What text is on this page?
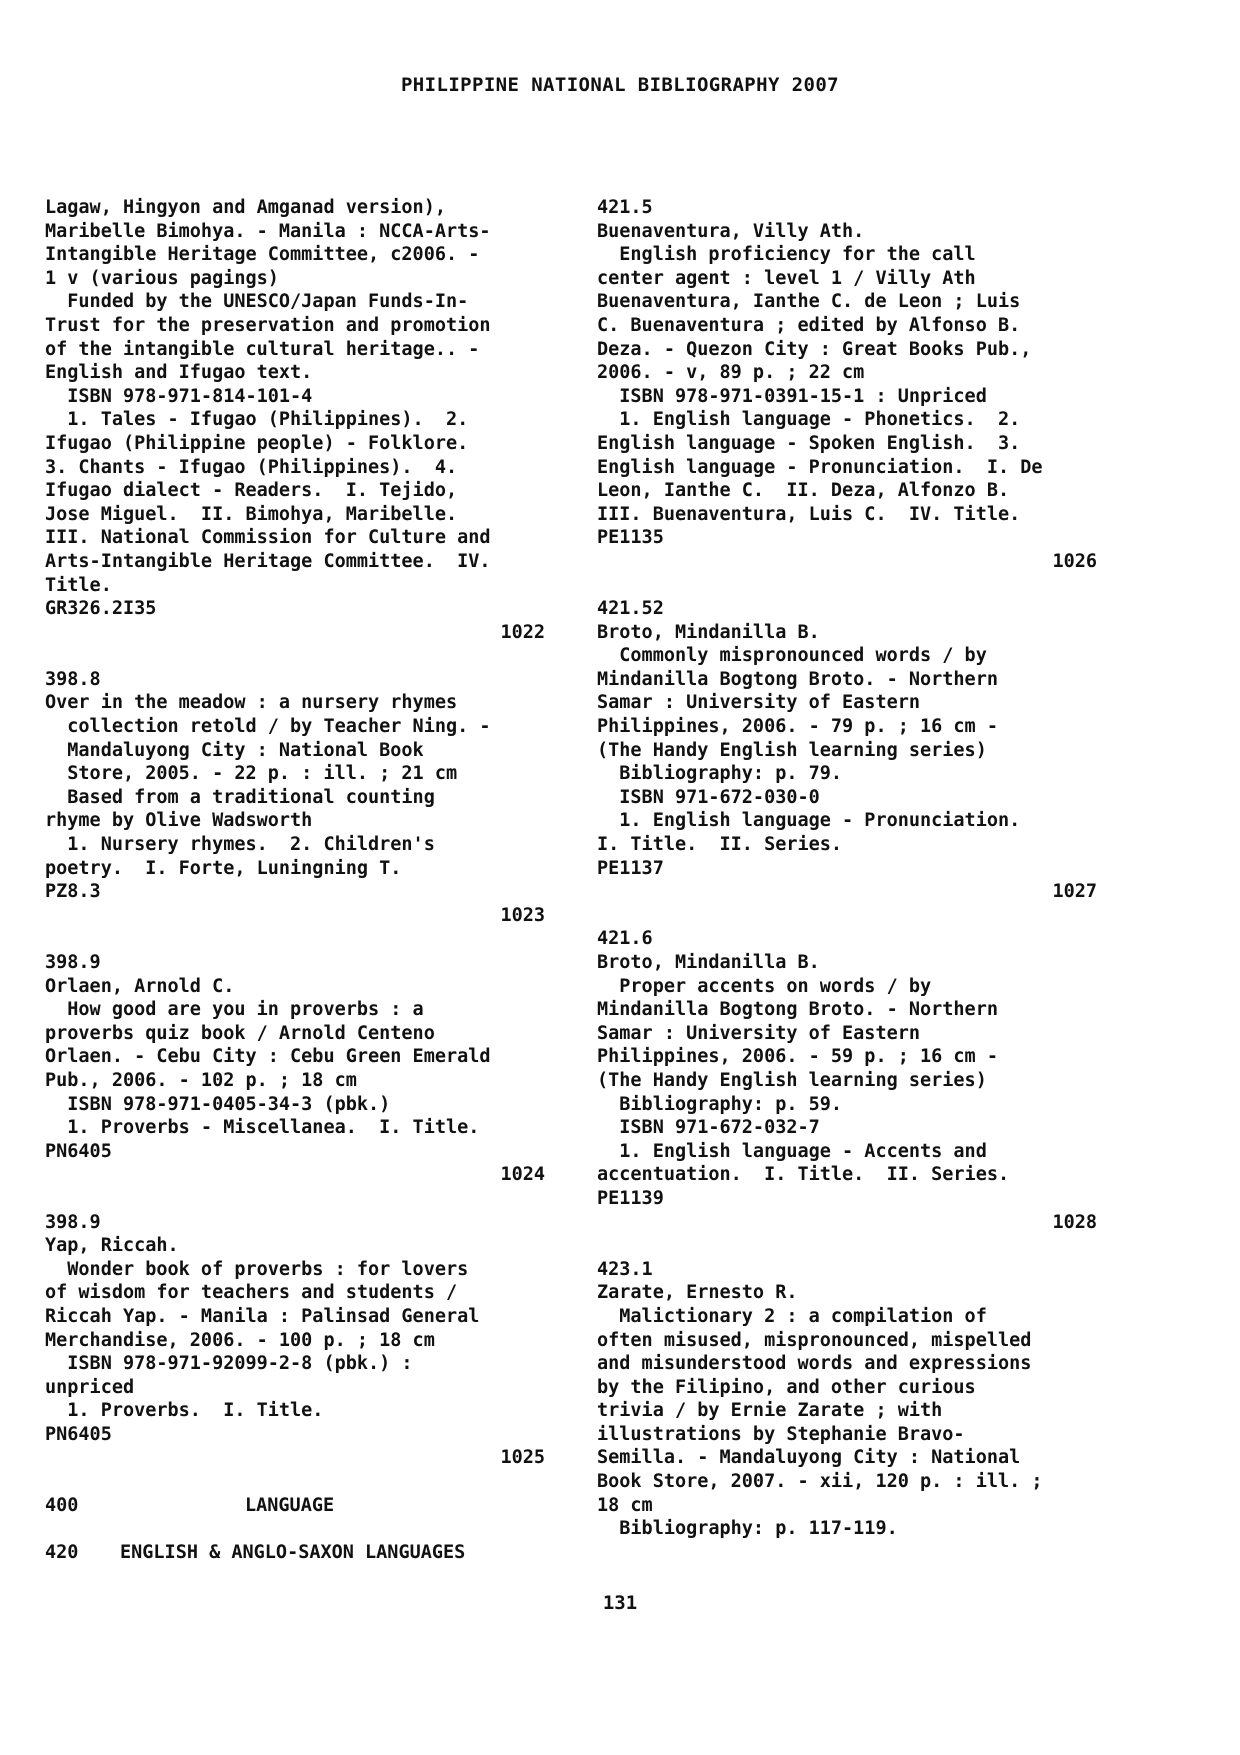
PHILIPPINE NATIONAL BIBLIOGRAPHY 2007
Lagaw, Hingyon and Amganad version),
Maribelle Bimohya. - Manila : NCCA-Arts-
Intangible Heritage Committee, c2006. -
1 v (various pagings)
Funded by the UNESCO/Japan Funds-In-
Trust for the preservation and promotion
of the intangible cultural heritage.. -
English and Ifugao text.
ISBN 978-971-814-101-4
1. Tales - Ifugao (Philippines).  2.
Ifugao (Philippine people) - Folklore.
3. Chants - Ifugao (Philippines).  4.
Ifugao dialect - Readers.  I. Tejido,
Jose Miguel.  II. Bimohya, Maribelle.
III. National Commission for Culture and
Arts-Intangible Heritage Committee.  IV.
Title.
GR326.2I35
1022
398.8
Over in the meadow : a nursery rhymes
collection retold / by Teacher Ning. -
Mandaluyong City : National Book
Store, 2005. - 22 p. : ill. ; 21 cm
Based from a traditional counting
rhyme by Olive Wadsworth
1. Nursery rhymes.  2. Children's
poetry.  I. Forte, Luningning T.
PZ8.3
1023
398.9
Orlaen, Arnold C.
How good are you in proverbs : a
proverbs quiz book / Arnold Centeno
Orlaen. - Cebu City : Cebu Green Emerald
Pub., 2006. - 102 p. ; 18 cm
ISBN 978-971-0405-34-3 (pbk.)
1. Proverbs - Miscellanea.  I. Title.
PN6405
1024
398.9
Yap, Riccah.
Wonder book of proverbs : for lovers
of wisdom for teachers and students /
Riccah Yap. - Manila : Palinsad General
Merchandise, 2006. - 100 p. ; 18 cm
ISBN 978-971-92099-2-8 (pbk.) :
unpriced
1. Proverbs.  I. Title.
PN6405
1025
400	LANGUAGE
420 ENGLISH & ANGLO-SAXON LANGUAGES
421.5
Buenaventura, Villy Ath.
English proficiency for the call
center agent : level 1 / Villy Ath
Buenaventura, Ianthe C. de Leon ; Luis
C. Buenaventura ; edited by Alfonso B.
Deza. - Quezon City : Great Books Pub.,
2006. - v, 89 p. ; 22 cm
ISBN 978-971-0391-15-1 : Unpriced
1. English language - Phonetics.  2.
English language - Spoken English.  3.
English language - Pronunciation.  I. De
Leon, Ianthe C.  II. Deza, Alfonzo B.
III. Buenaventura, Luis C.  IV. Title.
PE1135
1026
421.52
Broto, Mindanilla B.
Commonly mispronounced words / by
Mindanilla Bogtong Broto. - Northern
Samar : University of Eastern
Philippines, 2006. - 79 p. ; 16 cm -
(The Handy English learning series)
Bibliography: p. 79.
ISBN 971-672-030-0
1. English language - Pronunciation.
I. Title.  II. Series.
PE1137
1027
421.6
Broto, Mindanilla B.
Proper accents on words / by
Mindanilla Bogtong Broto. - Northern
Samar : University of Eastern
Philippines, 2006. - 59 p. ; 16 cm -
(The Handy English learning series)
Bibliography: p. 59.
ISBN 971-672-032-7
1. English language - Accents and
accentuation.  I. Title.  II. Series.
PE1139
1028
423.1
Zarate, Ernesto R.
Malictionary 2 : a compilation of
often misused, mispronounced, mispelled
and misunderstood words and expressions
by the Filipino, and other curious
trivia / by Ernie Zarate ; with
illustrations by Stephanie Bravo-
Semilla. - Mandaluyong City : National
Book Store, 2007. - xii, 120 p. : ill. ;
18 cm
Bibliography: p. 117-119.
131
